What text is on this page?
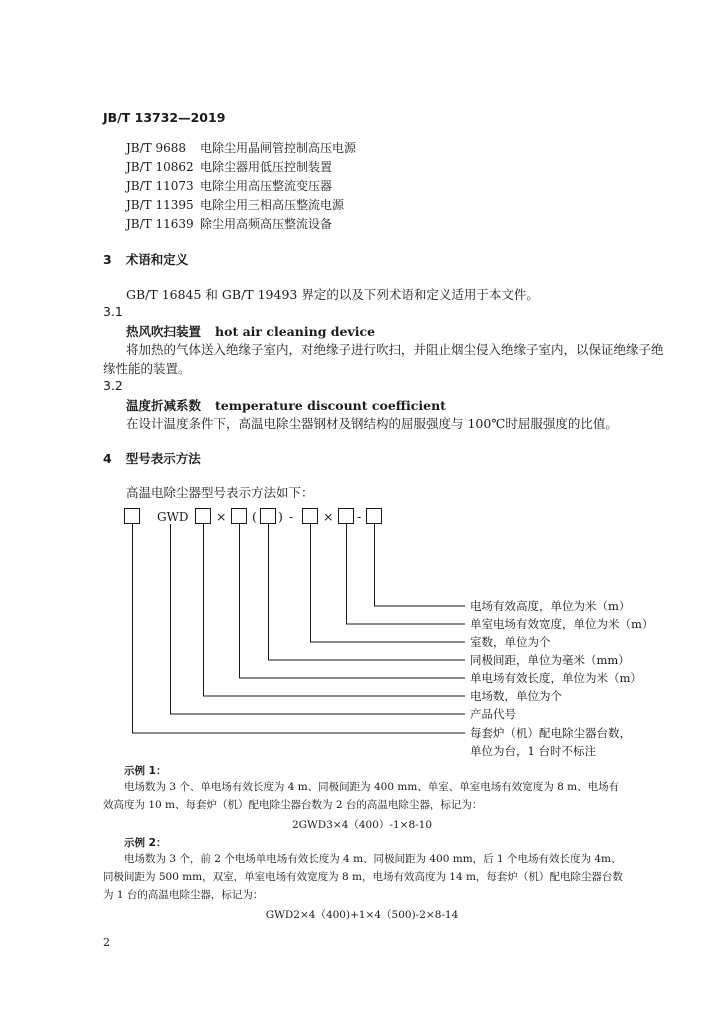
JB/T 13732—2019
JB/T 9688 电除尘用晶闸管控制高压电源
JB/T 10862 电除尘器用低压控制装置
JB/T 11073 电除尘用高压整流变压器
JB/T 11395 电除尘用三相高压整流电源
JB/T 11639 除尘用高频高压整流设备
3 术语和定义
GB/T 16845 和 GB/T 19493 界定的以及下列术语和定义适用于本文件。
3.1
热风吹扫装置 hot air cleaning device
将加热的气体送入绝缘子室内，对绝缘子进行吹扫，并阻止烟尘侵入绝缘子室内，以保证绝缘子绝
缘性能的装置。
3.2
温度折减系数 temperature discount coefficient
在设计温度条件下，高温电除尘器钢材及钢结构的屈服强度与 100℃时屈服强度的比值。
4 型号表示方法
高温电除尘器型号表示方法如下：
GWD × ( ) - × -
电场有效高度，单位为米（m）
单室电场有效宽度，单位为米（m）
室数，单位为个
同极间距，单位为毫米（mm）
单电场有效长度，单位为米（m）
电场数，单位为个
产品代号
每套炉（机）配电除尘器台数，
单位为台，1 台时不标注
示例 1：
电场数为 3 个、单电场有效长度为 4 m、同极间距为 400 mm、单室、单室电场有效宽度为 8 m、电场有效高度为 10 m、每套炉（机）配电除尘器台数为 2 台的高温电除尘器，标记为：
2GWD3×4（400）-1×8-10
示例 2：
电场数为 3 个，前 2 个电场单电场有效长度为 4 m、同极间距为 400 mm，后 1 个电场有效长度为 4m、同极间距为 500 mm，双室，单室电场有效宽度为 8 m，电场有效高度为 14 m，每套炉（机）配电除尘器台数为 1 台的高温电除尘器，标记为：
GWD2×4（400)+1×4（500)-2×8-14
2
